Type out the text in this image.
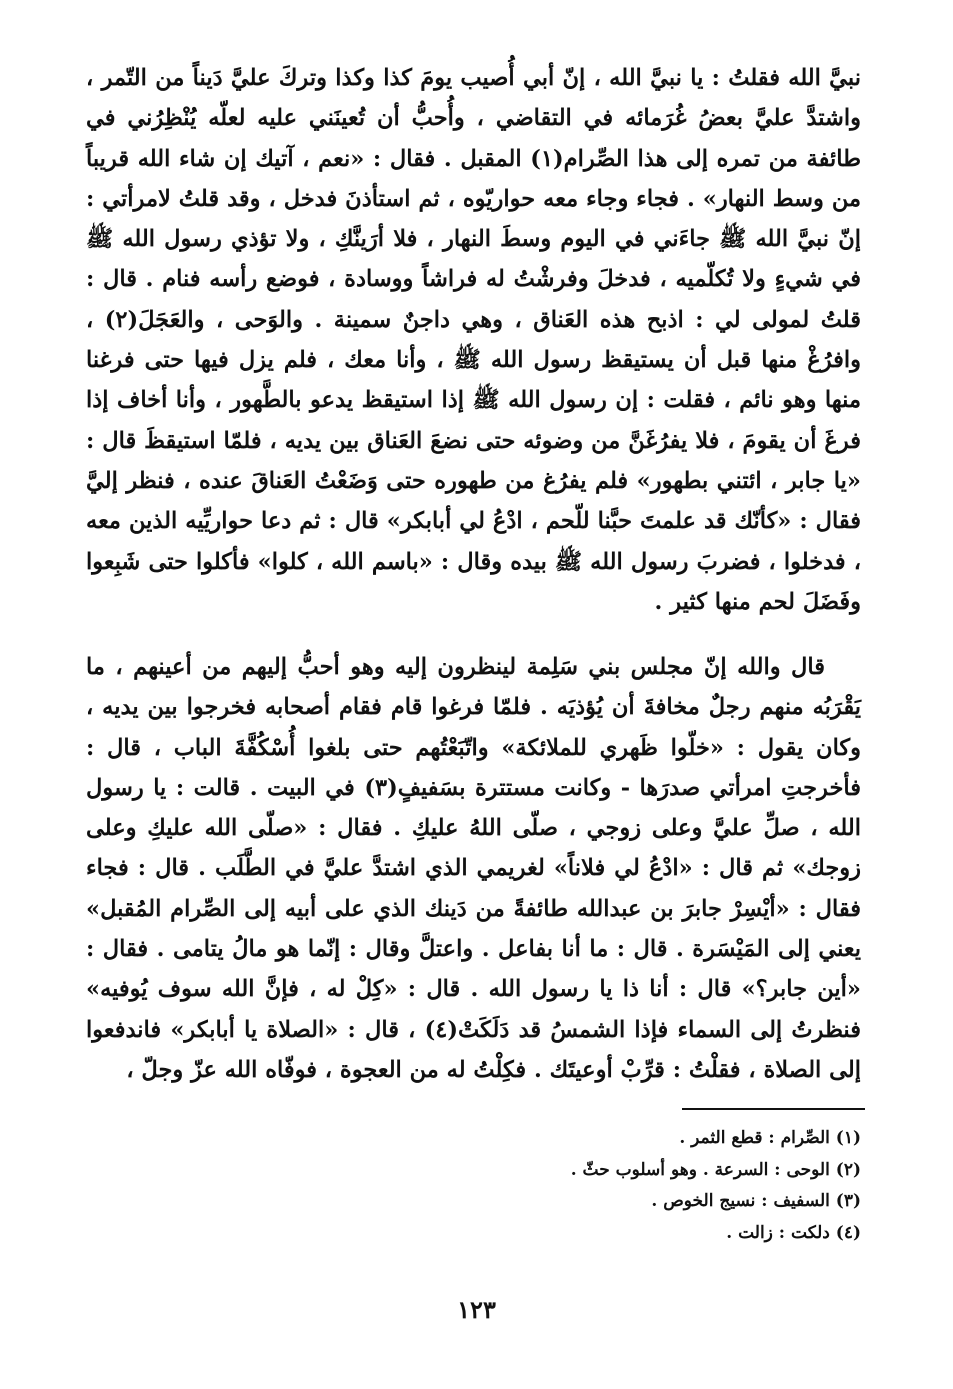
نبيَّ الله فقلتُ : يا نبيَّ الله ، إنّ أبي أُصيب يومَ كذا وكذا وتركَ عليَّ دَيناً من التّمر ، واشتدَّ عليَّ بعضُ غُرَمائه في التقاضي ، وأُحبُّ أن تُعينَني عليه لعلّه يُنْظِرُني في طائفة من تمره إلى هذا الصِّرام(١) المقبل . فقال : «نعم ، آتيك إن شاء الله قريباً من وسط النهار» . فجاء وجاء معه حواريّوه ، ثم استأذنَ فدخل ، وقد قلتُ لامرأتي : إنّ نبيَّ الله ﷺ جاءَني في اليوم وسطَ النهار ، فلا أرَينَّكِ ، ولا تؤذي رسول الله ﷺ في شيءٍ ولا تُكلّميه ، فدخلَ وفرشْتُ له فراشاً ووسادة ، فوضع رأسه فنام . قال : قلتُ لمولى لي : اذبح هذه العَناق ، وهي داجنٌ سمينة . والوَحى ، والعَجَلَ(٢) ، وافرُغْ منها قبل أن يستيقظ رسول الله ﷺ ، وأنا معك ، فلم يزل فيها حتى فرغنا منها وهو نائم ، فقلت : إن رسول الله ﷺ إذا استيقظ يدعو بالطَّهور ، وأنا أخاف إذا فرغَ أن يقومَ ، فلا يفرُغَنَّ من وضوئه حتى نضعَ العَناق بين يديه ، فلمّا استيقظَ قال : «يا جابر ، ائتني بطهور» فلم يفرُغ من طهوره حتى وَضَعْتُ العَناقَ عنده ، فنظر إليَّ فقال : «كأنّك قد علمتَ حبَّنا للّحم ، ادْعُ لي أبابكر» قال : ثم دعا حواريِّيه الذين معه ، فدخلوا ، فضربَ رسول الله ﷺ بيده وقال : «باسم الله ، كلوا» فأكلوا حتى شَبِعوا وفَضَلَ لحم منها كثير .

قال والله إنّ مجلس بني سَلِمة لينظرون إليه وهو أحبُّ إليهم من أعينهم ، ما يَقْرَبُه منهم رجلٌ مخافةَ أن يُؤذيَه . فلمّا فرغوا قام فقام أصحابه فخرجوا بين يديه ، وكان يقول : «خلّوا ظَهري للملائكة» واتّبَعْتُهم حتى بلغوا أُسْكُفَّةَ الباب ، قال : فأخرجتِ امرأتي صدرَها - وكانت مستترة بسَفيفٍ(٣) في البيت . قالت : يا رسول الله ، صلِّ عليَّ وعلى زوجي ، صلّى اللهُ عليكِ . فقال : «صلّى الله عليكِ وعلى زوجك» ثم قال : «ادْعُ لي فلاناً» لغريمي الذي اشتدَّ عليَّ في الطَّلَب . قال : فجاء فقال : «أيْسِرْ جابرَ بن عبدالله طائفةً من دَينك الذي على أبيه إلى الصِّرام المُقبل» يعني إلى المَيْسَرة . قال : ما أنا بفاعل . واعتلَّ وقال : إنّما هو مالُ يتامى . فقال : «أين جابر؟» قال : أنا ذا يا رسول الله . قال : «كِلْ له ، فإنَّ الله سوف يُوفيه» فنظرتُ إلى السماء فإذا الشمسُ قد دَلَكَتْ(٤) ، قال : «الصلاة يا أبابكر» فاندفعوا إلى الصلاة ، فقلْتُ : قرِّبْ أوعيتَك . فكِلْتُ له من العجوة ، فوفّاه الله عزّ وجلّ ،

(١) الصِّرام : قطع الثمر .

(٢) الوحى : السرعة . وهو أسلوب حثّ .

(٣) السفيف : نسيج الخوص .

(٤) دلكت : زالت .

١٢٣
